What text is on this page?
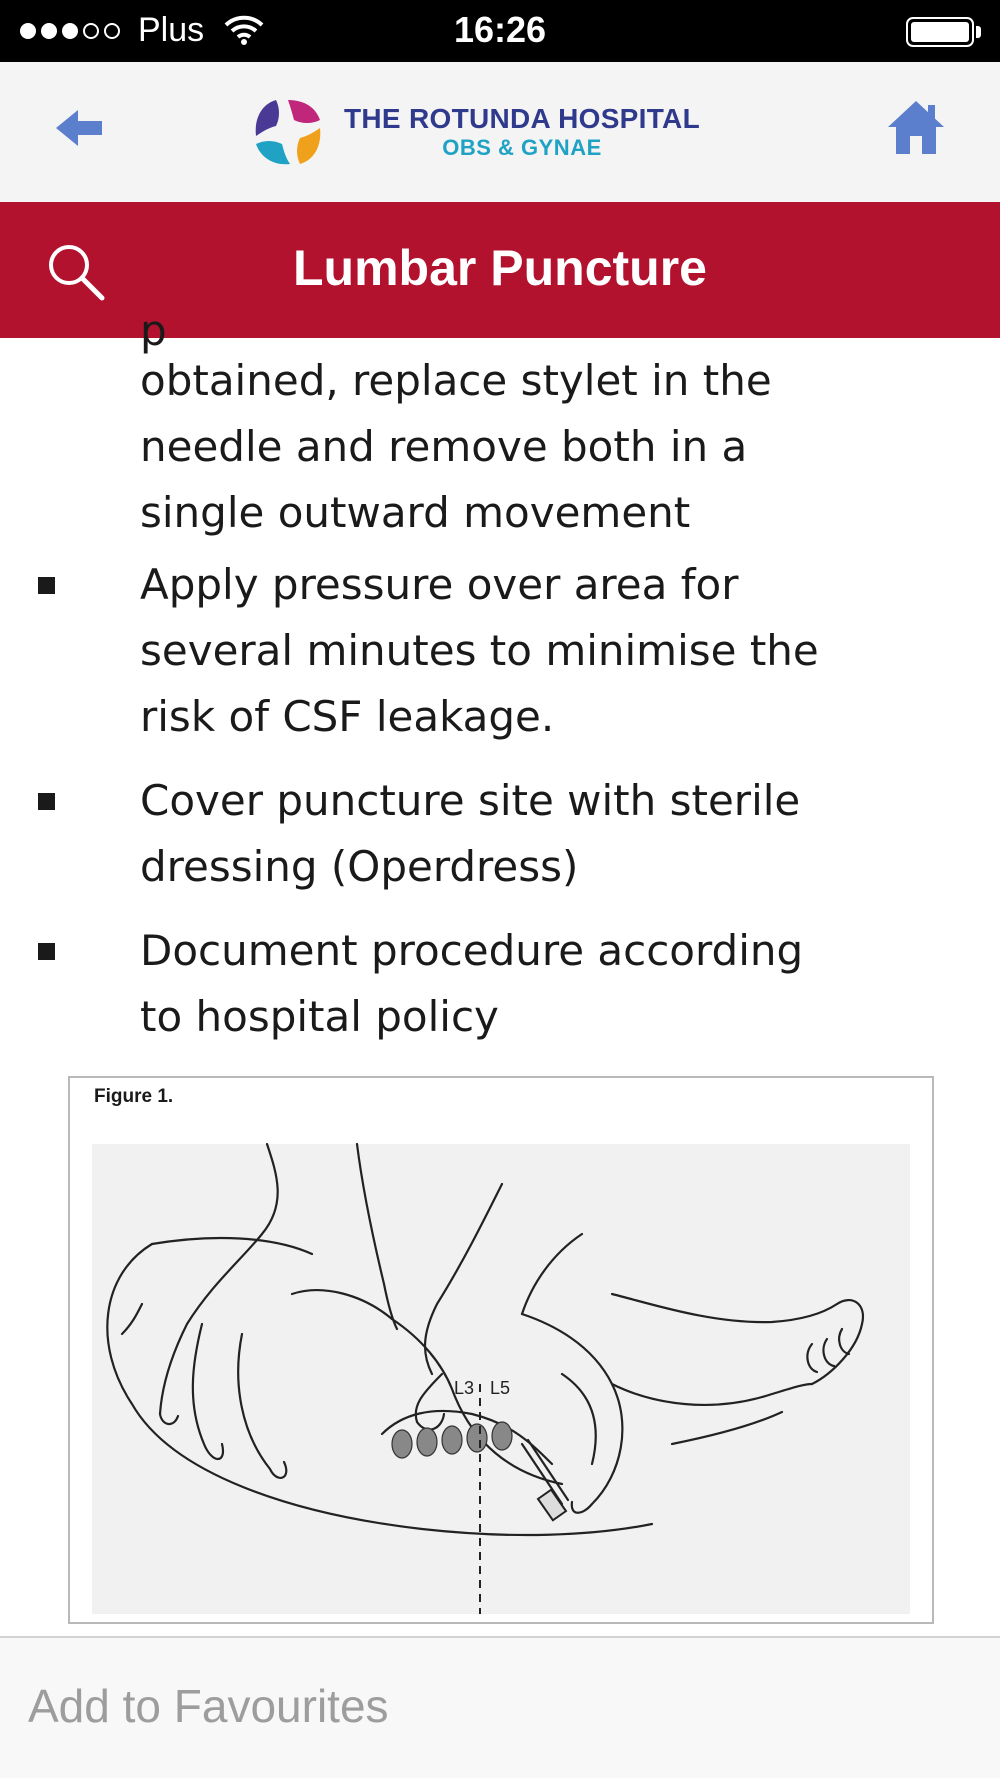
Plus	16:26
THE ROTUNDA HOSPITAL
OBS & GYNAE
Lumbar Puncture
p
obtained, replace stylet in the
needle and remove both in a
single outward movement
Apply pressure over area for
several minutes to minimise the
risk of CSF leakage.
Cover puncture site with sterile
dressing (Operdress)
Document procedure according
to hospital policy
Figure 1.
L3 L5
Add to Favourites
